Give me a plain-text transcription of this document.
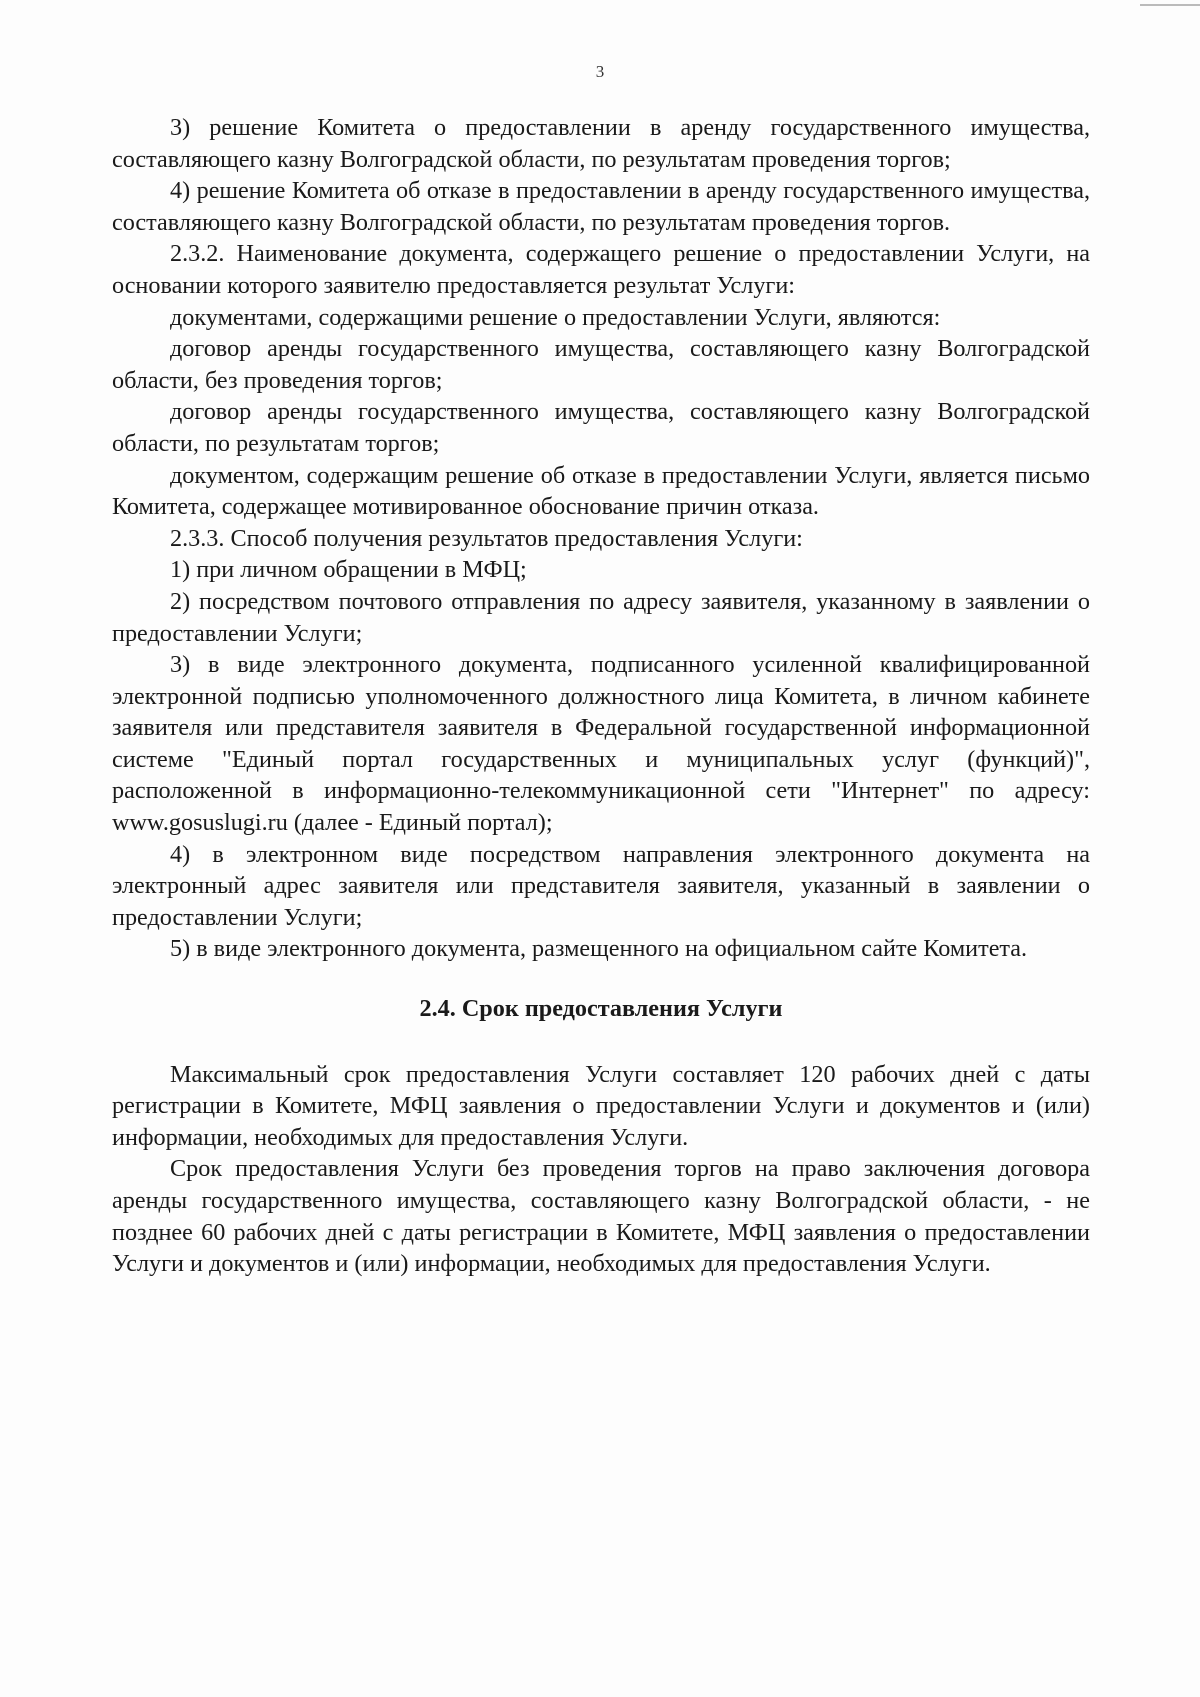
3

3) решение Комитета о предоставлении в аренду государственного имущества, составляющего казну Волгоградской области, по результатам проведения торгов;

4) решение Комитета об отказе в предоставлении в аренду государственного имущества, составляющего казну Волгоградской области, по результатам проведения торгов.

2.3.2. Наименование документа, содержащего решение о предоставлении Услуги, на основании которого заявителю предоставляется результат Услуги:

документами, содержащими решение о предоставлении Услуги, являются:

договор аренды государственного имущества, составляющего казну Волгоградской области, без проведения торгов;

договор аренды государственного имущества, составляющего казну Волгоградской области, по результатам торгов;

документом, содержащим решение об отказе в предоставлении Услуги, является письмо Комитета, содержащее мотивированное обоснование причин отказа.

2.3.3. Способ получения результатов предоставления Услуги:

1) при личном обращении в МФЦ;

2) посредством почтового отправления по адресу заявителя, указанному в заявлении о предоставлении Услуги;

3) в виде электронного документа, подписанного усиленной квалифицированной электронной подписью уполномоченного должностного лица Комитета, в личном кабинете заявителя или представителя заявителя в Федеральной государственной информационной системе "Единый портал государственных и муниципальных услуг (функций)", расположенной в информационно-телекоммуникационной сети "Интернет" по адресу: www.gosuslugi.ru (далее - Единый портал);

4) в электронном виде посредством направления электронного документа на электронный адрес заявителя или представителя заявителя, указанный в заявлении о предоставлении Услуги;

5) в виде электронного документа, размещенного на официальном сайте Комитета.

2.4. Срок предоставления Услуги

Максимальный срок предоставления Услуги составляет 120 рабочих дней с даты регистрации в Комитете, МФЦ заявления о предоставлении Услуги и документов и (или) информации, необходимых для предоставления Услуги.

Срок предоставления Услуги без проведения торгов на право заключения договора аренды государственного имущества, составляющего казну Волгоградской области, - не позднее 60 рабочих дней с даты регистрации в Комитете, МФЦ заявления о предоставлении Услуги и документов и (или) информации, необходимых для предоставления Услуги.
